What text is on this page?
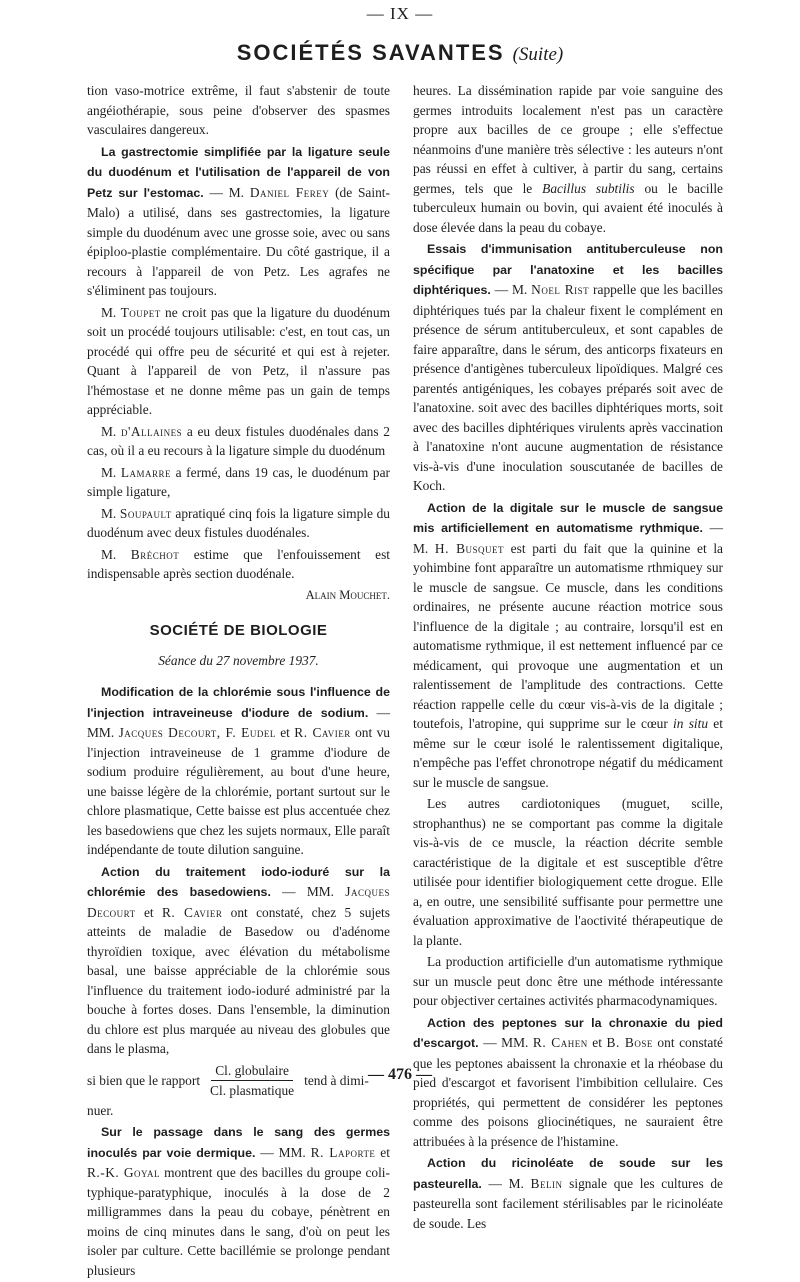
— IX —
SOCIÉTÉS SAVANTES (Suite)

tion vaso-motrice extrême, il faut s'abstenir de toute angéiothérapie, sous peine d'observer des spasmes vasculaires dangereux.

La gastrectomie simplifiée par la ligature seule du duodénum et l'utilisation de l'appareil de von Petz sur l'estomac. — M. Daniel Ferey (de Saint-Malo) a utilisé, dans ses gastrectomies, la ligature simple du duodénum avec une grosse soie, avec ou sans épiploo-plastie complémentaire. Du côté gastrique, il a recours à l'appareil de von Petz. Les agrafes ne s'éliminent pas toujours.

M. Toupet ne croit pas que la ligature du duodénum soit un procédé toujours utilisable: c'est, en tout cas, un procédé qui offre peu de sécurité et qui est à rejeter. Quant à l'appareil de von Petz, il n'assure pas l'hémostase et ne donne même pas un gain de temps appréciable.

M. d'Allaines a eu deux fistules duodénales dans 2 cas, où il a eu recours à la ligature simple du duodénum

M. Lamarre a fermé, dans 19 cas, le duodénum par simple ligature,

M. Soupault apratiqué cinq fois la ligature simple du duodénum avec deux fistules duodénales.

M. Bréchot estime que l'enfouissement est indispensable après section duodénale.

Alain Mouchet.
SOCIÉTÉ DE BIOLOGIE
Séance du 27 novembre 1937.

Modification de la chlorémie sous l'influence de l'injection intraveineuse d'iodure de sodium. — MM. Jacques Decourt, F. Eudel et R. Cavier ont vu l'injection intraveineuse de 1 gramme d'iodure de sodium produire régulièrement, au bout d'une heure, une baisse légère de la chlorémie, portant surtout sur le chlore plasmatique, Cette baisse est plus accentuée chez les basedowiens que chez les sujets normaux, Elle paraît indépendante de toute dilution sanguine.

Action du traitement iodo-ioduré sur la chlorémie des basedowiens. — MM. Jacques Decourt et R. Cavier ont constaté, chez 5 sujets atteints de maladie de Basedow ou d'adénome thyroïdien toxique, avec élévation du métabolisme basal, une baisse appréciable de la chlorémie sous l'influence du traitement iodo-ioduré administré par la bouche à fortes doses. Dans l'ensemble, la diminution du chlore est plus marquée au niveau des globules que dans le plasma,

si bien que le rapport $\frac{\text{Cl. globulaire}}{\text{Cl. plasmatique}}$ tend à dimi-

nuer.

Sur le passage dans le sang des germes inoculés par voie dermique. — MM. R. Laporte et R.-K. Goyal montrent que des bacilles du groupe coli-typhique-paratyphique, inoculés à la dose de 2 milligrammes dans la peau du cobaye, pénètrent en moins de cinq minutes dans le sang, d'où on peut les isoler par culture. Cette bacillémie se prolonge pendant plusieurs

heures. La dissémination rapide par voie sanguine des germes introduits localement n'est pas un caractère propre aux bacilles de ce groupe ; elle s'effectue néanmoins d'une manière très sélective : les auteurs n'ont pas réussi en effet à cultiver, à partir du sang, certains germes, tels que le Bacillus subtilis ou le bacille tuberculeux humain ou bovin, qui avaient été inoculés à dose élevée dans la peau du cobaye.

Essais d'immunisation antituberculeuse non spécifique par l'anatoxine et les bacilles diphtériques. — M. Noel Rist rappelle que les bacilles diphtériques tués par la chaleur fixent le complément en présence de sérum antituberculeux, et sont capables de faire apparaître, dans le sérum, des anticorps fixateurs en présence d'antigènes tuberculeux lipoïdiques. Malgré ces parentés antigéniques, les cobayes préparés soit avec de l'anatoxine. soit avec des bacilles diphtériques morts, soit avec des bacilles diphtériques virulents après vaccination à l'anatoxine n'ont aucune augmentation de résistance vis-à-vis d'une inoculation souscutanée de bacilles de Koch.

Action de la digitale sur le muscle de sangsue mis artificiellement en automatisme rythmique. — M. H. Busquet est parti du fait que la quinine et la yohimbine font apparaître un automatisme rthmiquey sur le muscle de sangsue. Ce muscle, dans les conditions ordinaires, ne présente aucune réaction motrice sous l'influence de la digitale ; au contraire, lorsqu'il est en automatisme rythmique, il est nettement influencé par ce médicament, qui provoque une augmentation et un ralentissement de l'amplitude des contractions. Cette réaction rappelle celle du cœur vis-à-vis de la digitale ; toutefois, l'atropine, qui supprime sur le cœur in situ et même sur le cœur isolé le ralentissement digitalique, n'empêche pas l'effet chronotrope négatif du médicament sur le muscle de sangsue.

Les autres cardiotoniques (muguet, scille, strophanthus) ne se comportant pas comme la digitale vis-à-vis de ce muscle, la réaction décrite semble caractéristique de la digitale et est susceptible d'être utilisée pour identifier biologiquement cette drogue. Elle a, en outre, une sensibilité suffisante pour permettre une évaluation approximative de l'aoctivité thérapeutique de la plante.

La production artificielle d'un automatisme rythmique sur un muscle peut donc être une méthode intéressante pour objectiver certaines activités pharmacodynamiques.

Action des peptones sur la chronaxie du pied d'escargot. — MM. R. Cahen et B. Bose ont constaté que les peptones abaissent la chronaxie et la rhéobase du pied d'escargot et favorisent l'imbibition cellulaire. Ces propriétés, qui permettent de considérer les peptones comme des poisons gliocinétiques, ne sauraient être attribuées à la présence de l'histamine.

Action du ricinoléate de soude sur les pasteurella. — M. Belin signale que les cultures de pasteurella sont facilement stérilisables par le ricinoléate de soude. Les

— 476 —
